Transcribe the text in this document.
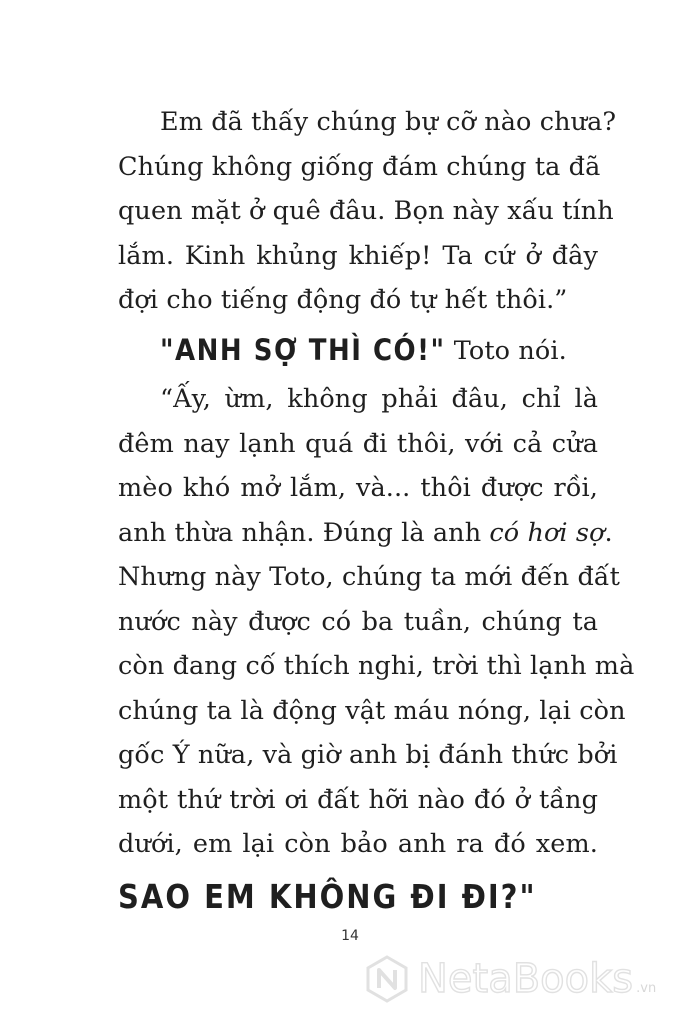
Em đã thấy chúng bự cỡ nào chưa?
Chúng không giống đám chúng ta đã
quen mặt ở quê đâu. Bọn này xấu tính
lắm. Kinh khủng khiếp! Ta cứ ở đây
đợi cho tiếng động đó tự hết thôi.”
"ANH SỢ THÌ CÓ!" Toto nói.
“Ấy, ừm, không phải đâu, chỉ là
đêm nay lạnh quá đi thôi, với cả cửa
mèo khó mở lắm, và... thôi được rồi,
anh thừa nhận. Đúng là anh có hơi sợ.
Nhưng này Toto, chúng ta mới đến đất
nước này được có ba tuần, chúng ta
còn đang cố thích nghi, trời thì lạnh mà
chúng ta là động vật máu nóng, lại còn
gốc Ý nữa, và giờ anh bị đánh thức bởi
một thứ trời ơi đất hỡi nào đó ở tầng
dưới, em lại còn bảo anh ra đó xem.
SAO EM KHÔNG ĐI ĐI?"
14
NetaBooks .vn
